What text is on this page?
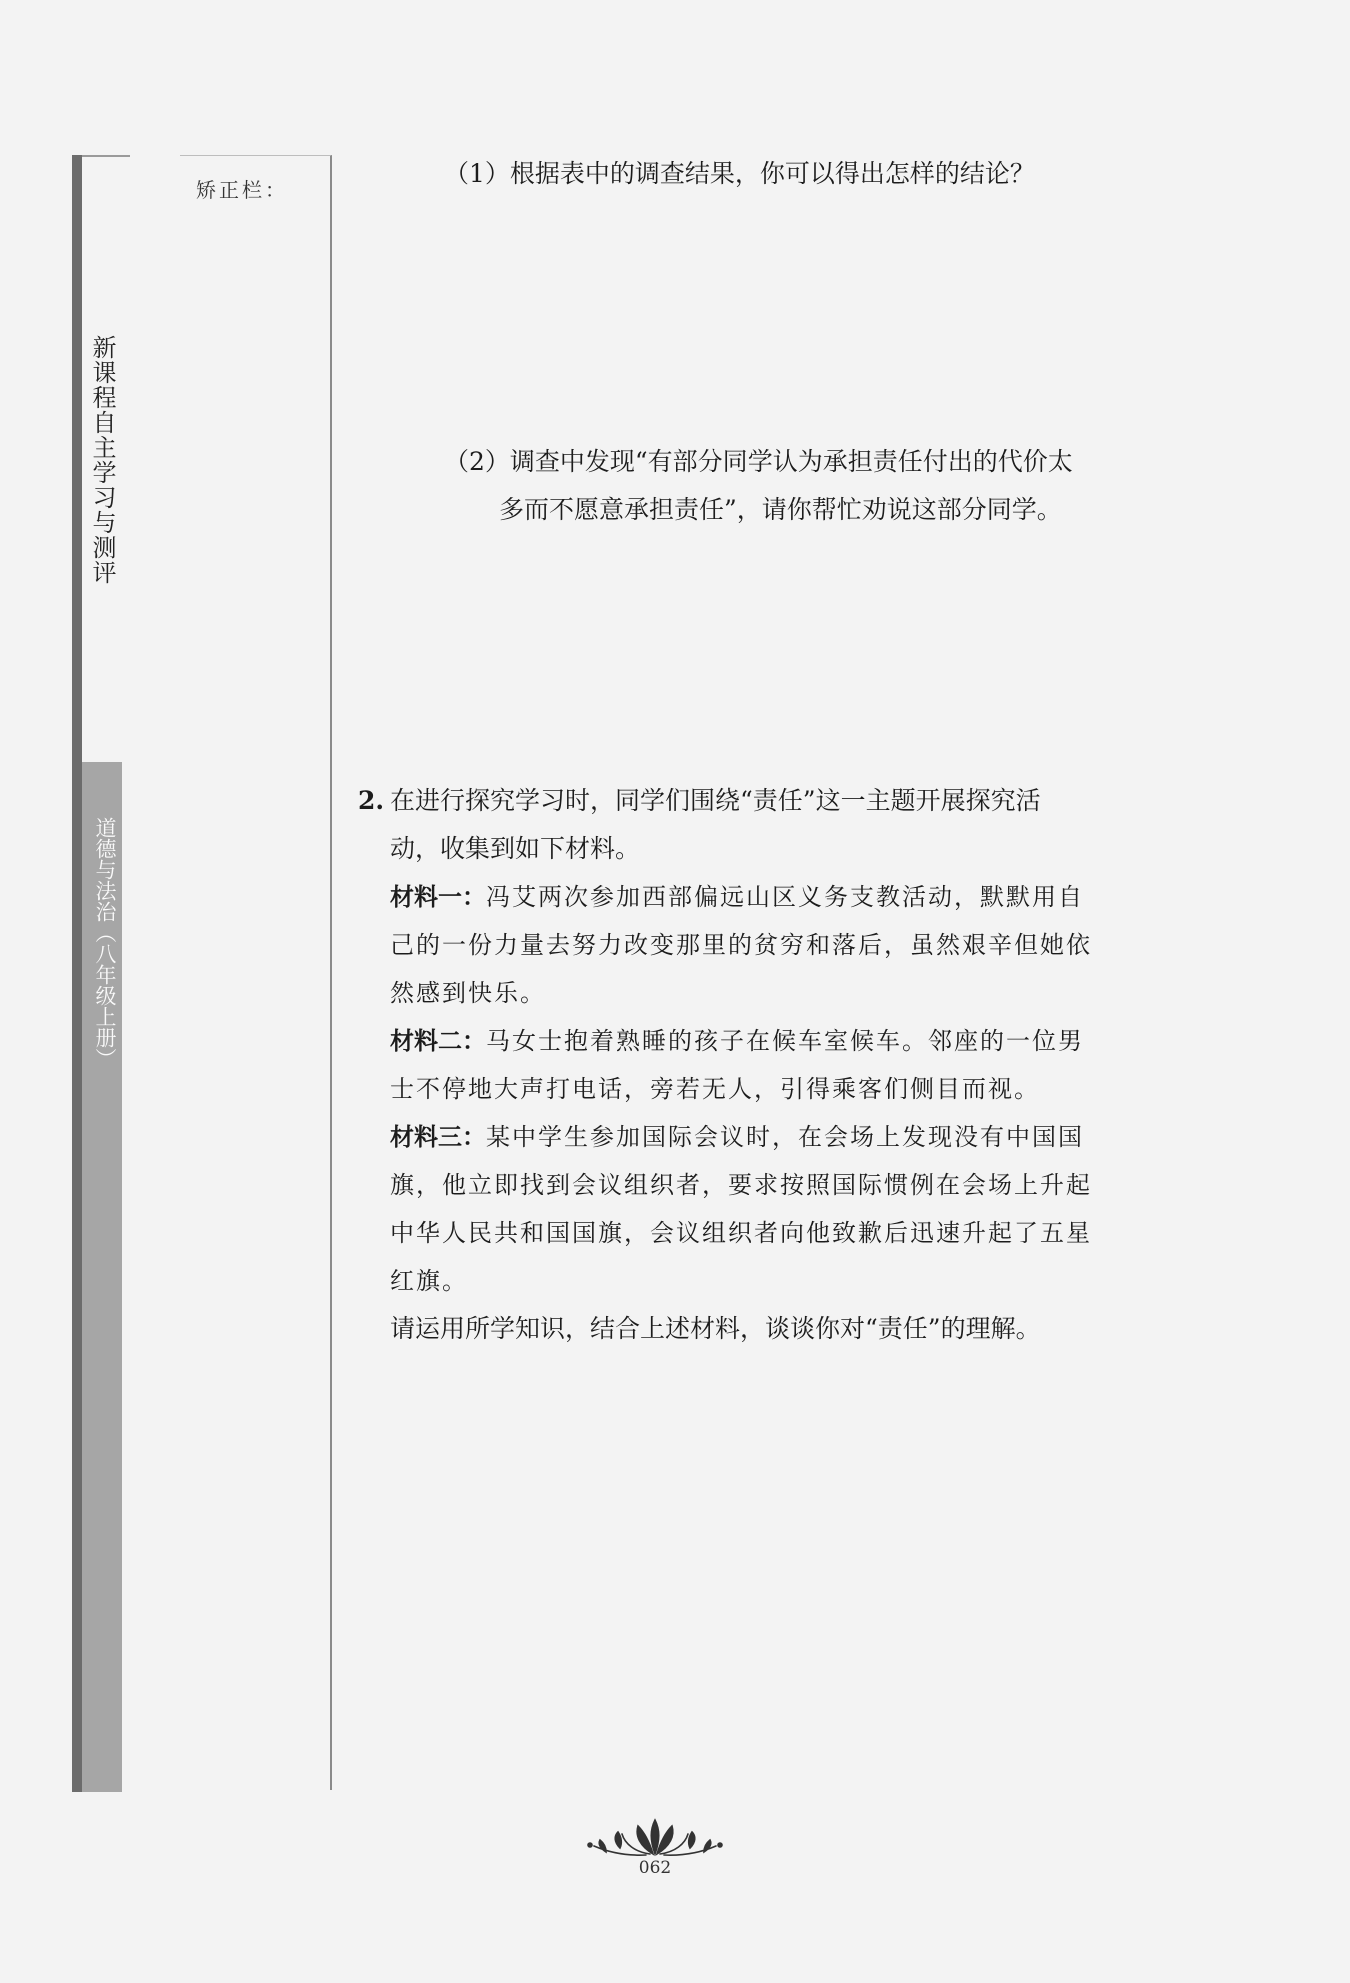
新课程自主学习与测评
道德与法治︵八年级上册︶
矫正栏：
（1）根据表中的调查结果，你可以得出怎样的结论？
（2）调查中发现“有部分同学认为承担责任付出的代价太
多而不愿意承担责任”，请你帮忙劝说这部分同学。
2. 在进行探究学习时，同学们围绕“责任”这一主题开展探究活
动，收集到如下材料。
材料一：冯艾两次参加西部偏远山区义务支教活动，默默用自
己的一份力量去努力改变那里的贫穷和落后，虽然艰辛但她依
然感到快乐。
材料二：马女士抱着熟睡的孩子在候车室候车。邻座的一位男
士不停地大声打电话，旁若无人，引得乘客们侧目而视。
材料三：某中学生参加国际会议时，在会场上发现没有中国国
旗，他立即找到会议组织者，要求按照国际惯例在会场上升起
中华人民共和国国旗，会议组织者向他致歉后迅速升起了五星
红旗。
请运用所学知识，结合上述材料，谈谈你对“责任”的理解。
062
